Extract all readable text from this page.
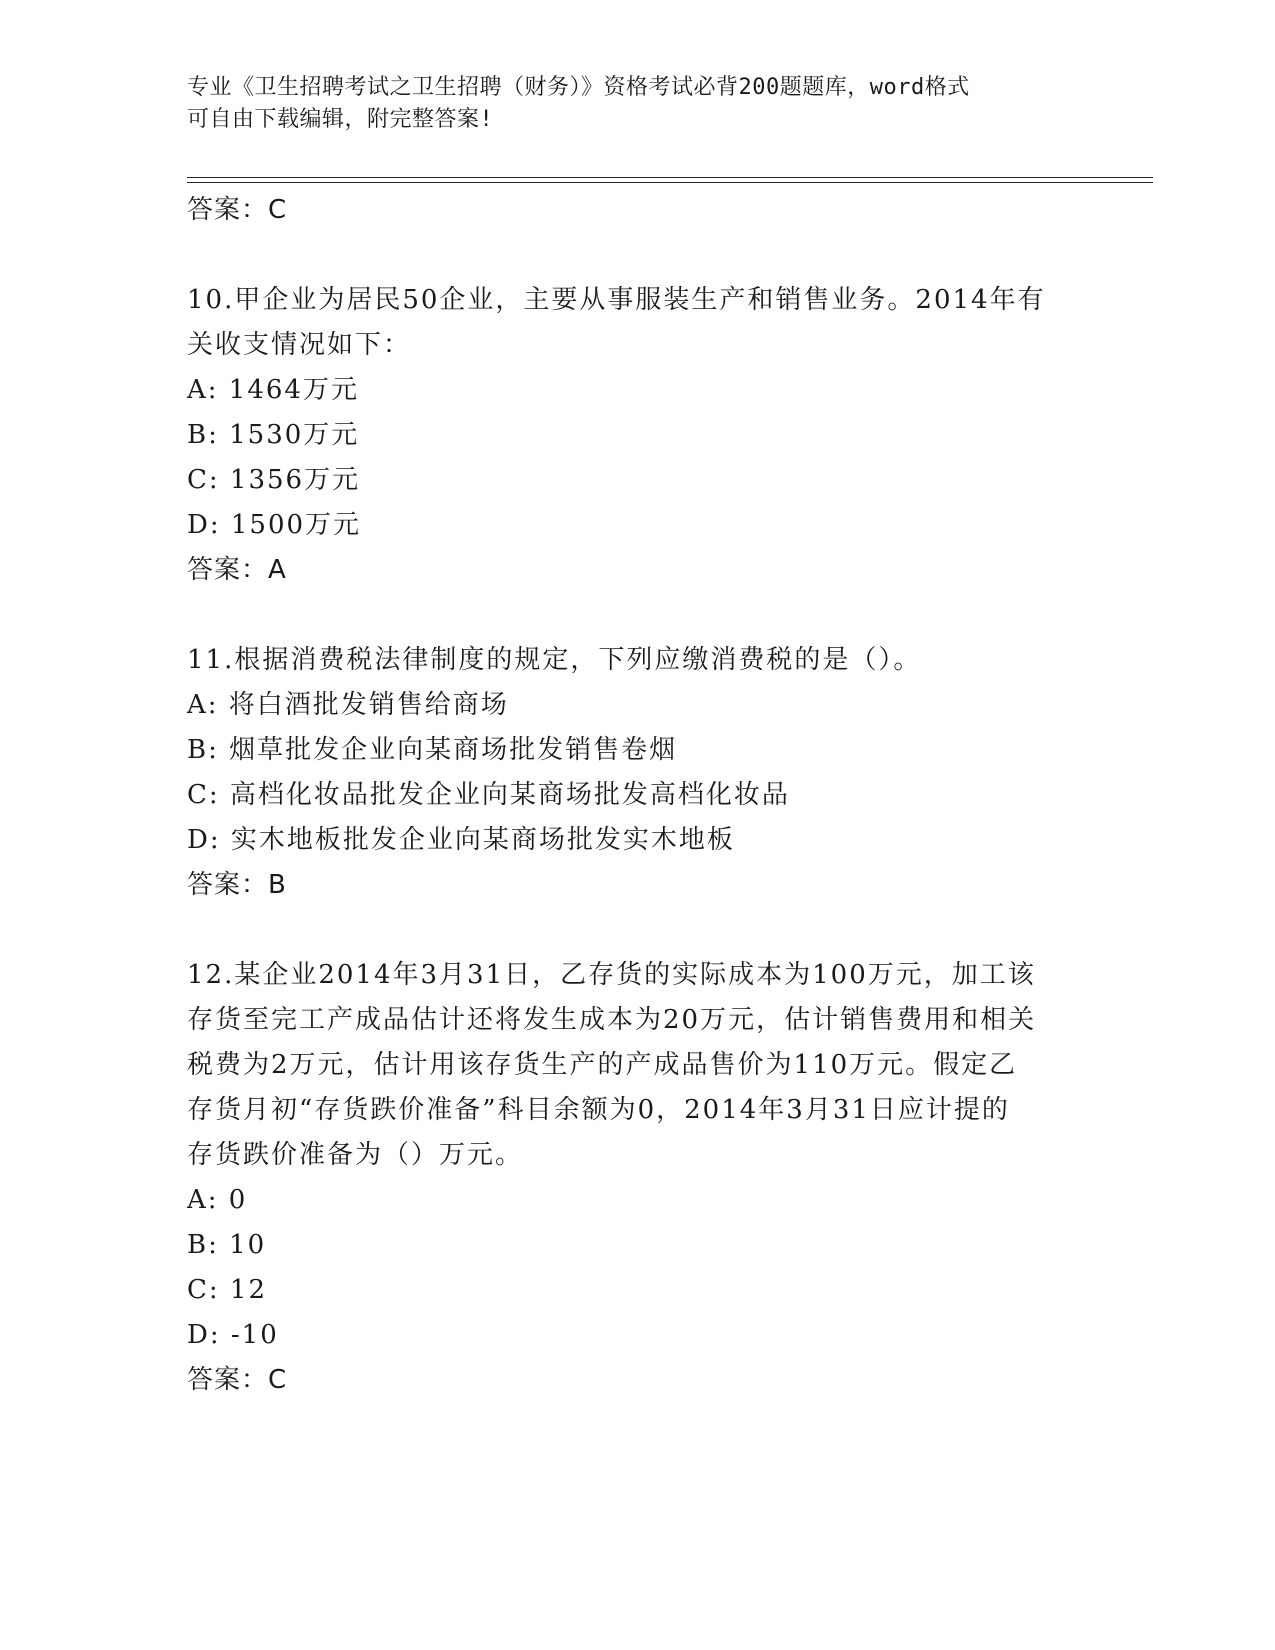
专业《卫生招聘考试之卫生招聘（财务）》资格考试必背200题题库，word格式
可自由下载编辑，附完整答案!
答案：C
10.甲企业为居民50企业，主要从事服装生产和销售业务。2014年有
关收支情况如下：
A: 1464万元
B: 1530万元
C: 1356万元
D: 1500万元
答案：A
11.根据消费税法律制度的规定，下列应缴消费税的是（）。
A: 将白酒批发销售给商场
B: 烟草批发企业向某商场批发销售卷烟
C: 高档化妆品批发企业向某商场批发高档化妆品
D: 实木地板批发企业向某商场批发实木地板
答案：B
12.某企业2014年3月31日，乙存货的实际成本为100万元，加工该
存货至完工产成品估计还将发生成本为20万元，估计销售费用和相关
税费为2万元，估计用该存货生产的产成品售价为110万元。假定乙
存货月初“存货跌价准备”科目余额为0，2014年3月31日应计提的
存货跌价准备为（）万元。
A: 0
B: 10
C: 12
D: -10
答案：C
